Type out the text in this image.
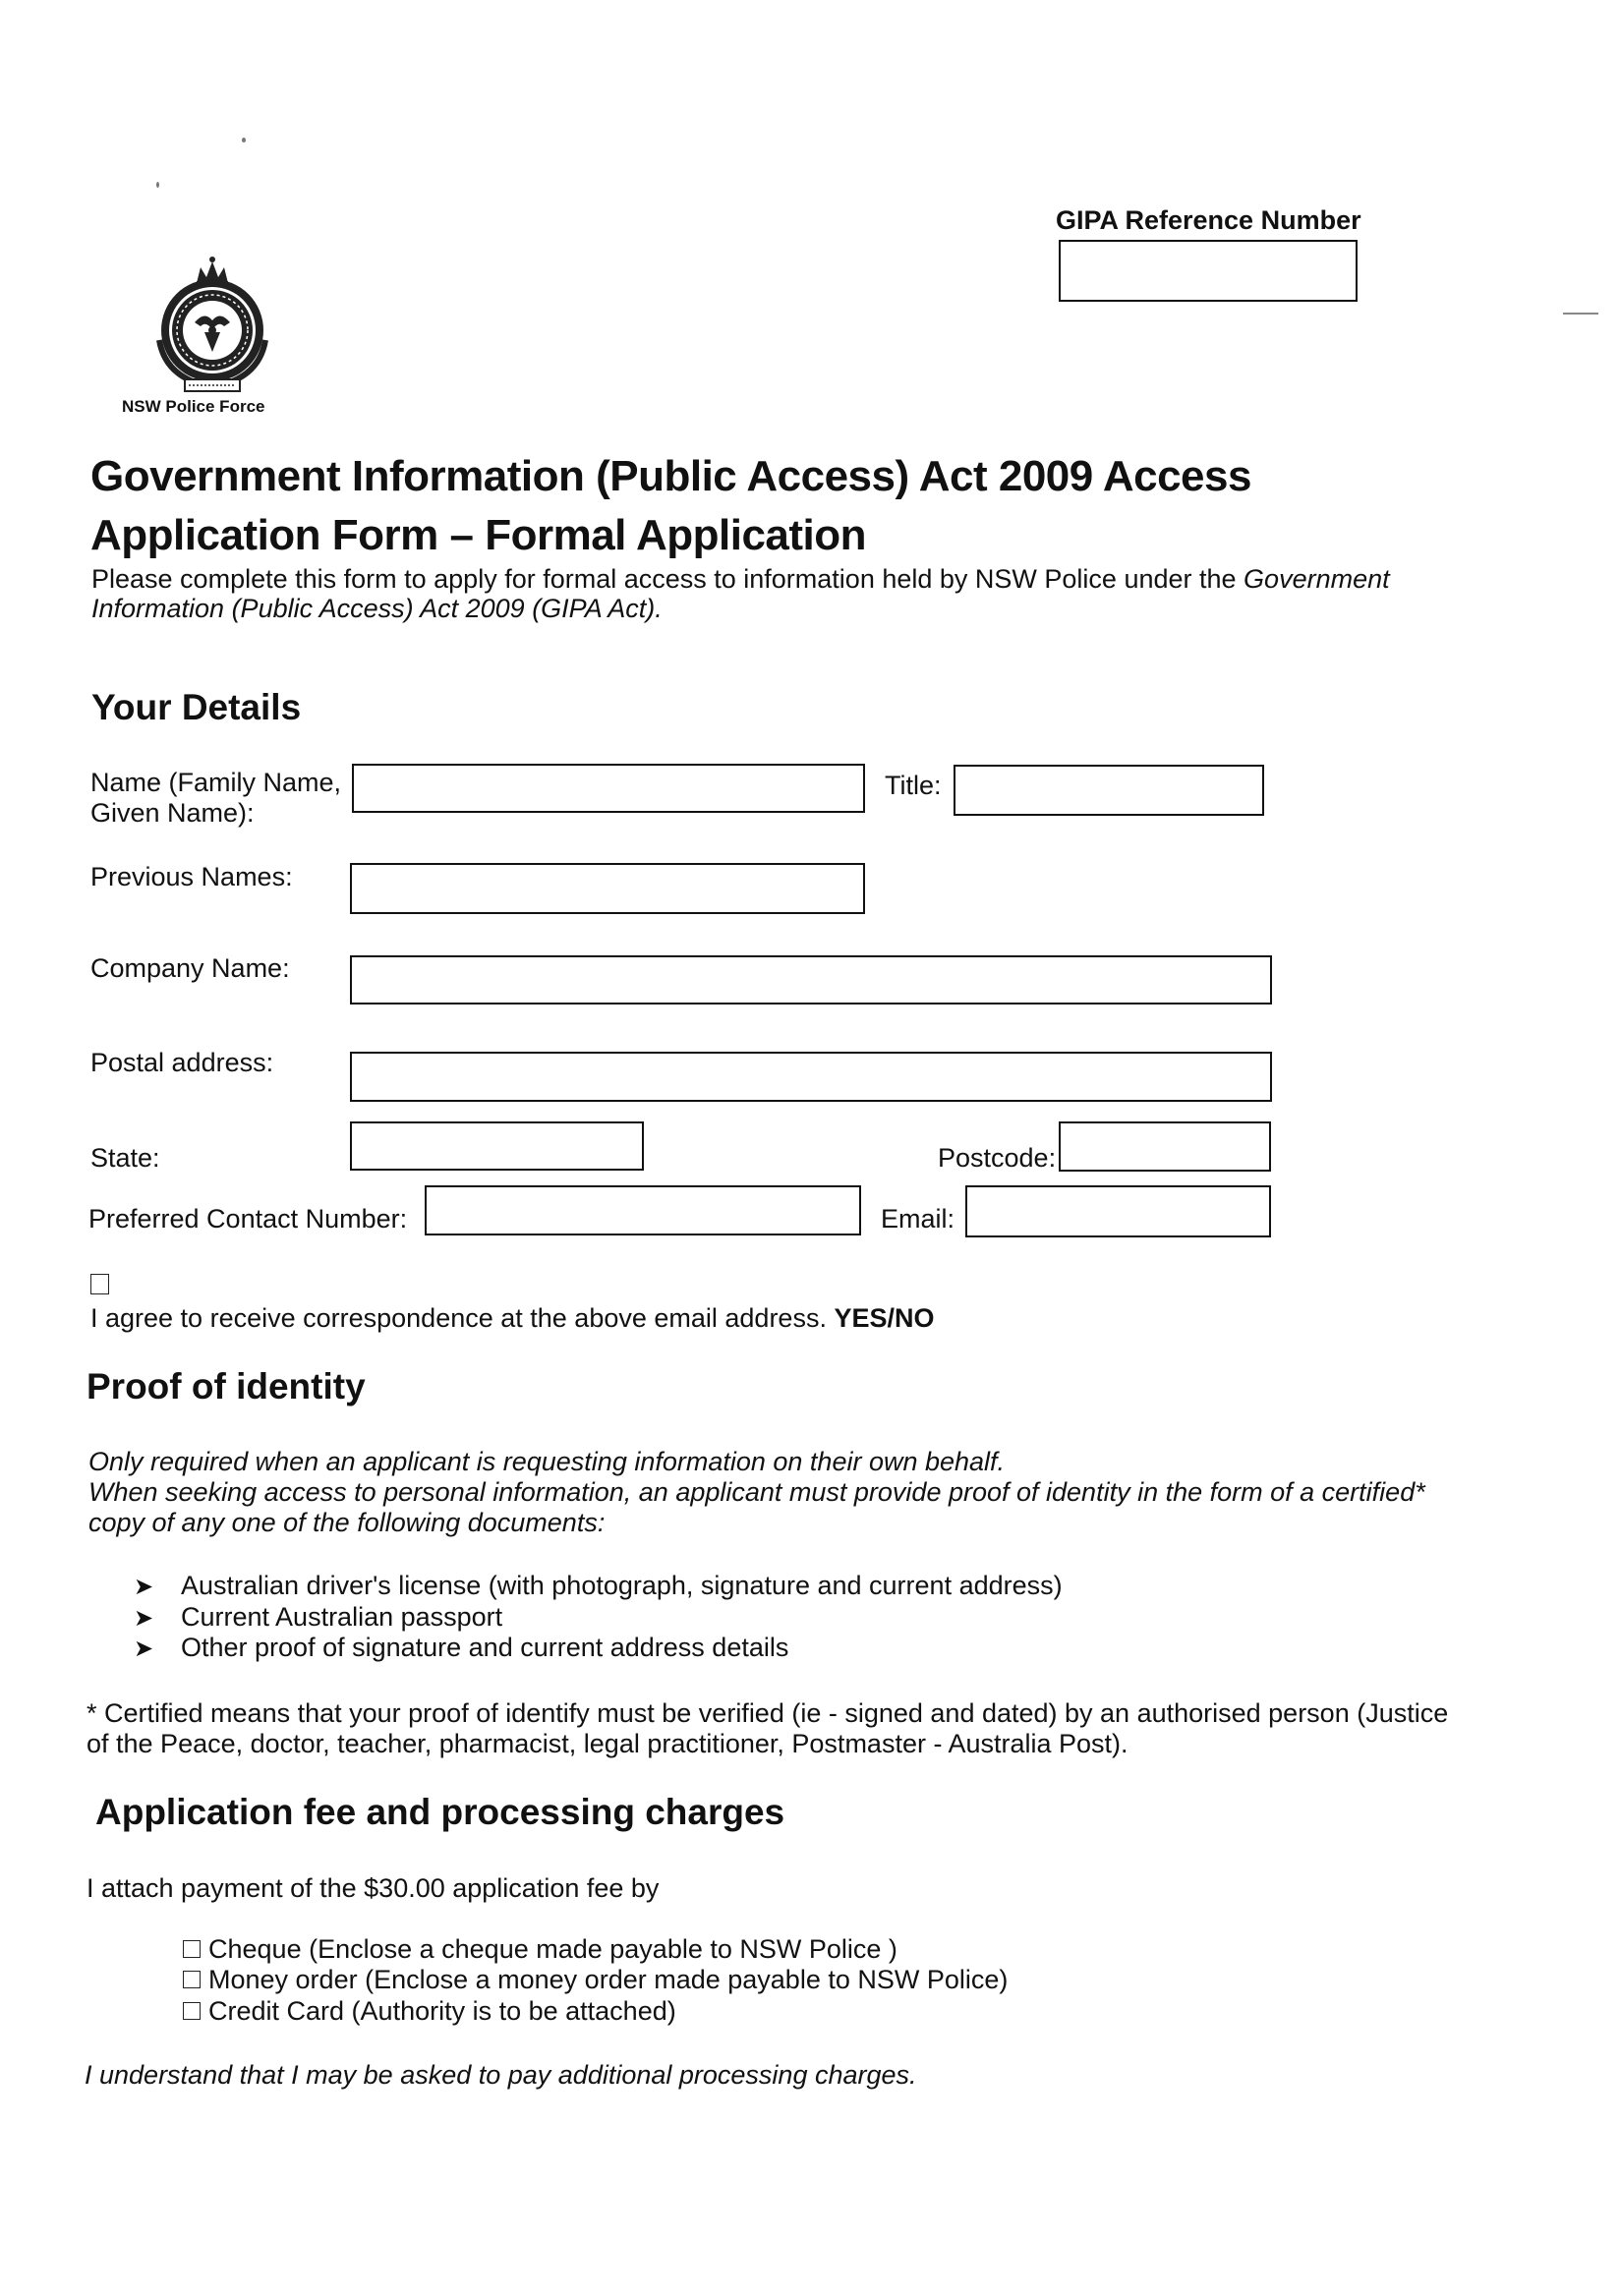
GIPA Reference Number
NSW Police Force
Government Information (Public Access) Act 2009 Access
Application Form – Formal Application
Please complete this form to apply for formal access to information held by NSW Police under the Government
Information (Public Access) Act 2009 (GIPA Act).
Your Details
Name (Family Name,
Given Name):
Title:
Previous Names:
Company Name:
Postal address:
State:	Postcode:
Preferred Contact Number:	Email:
I agree to receive correspondence at the above email address. YES/NO
Proof of identity
Only required when an applicant is requesting information on their own behalf.
When seeking access to personal information, an applicant must provide proof of identity in the form of a certified*
copy of any one of the following documents:
➤ Australian driver's license (with photograph, signature and current address)
➤ Current Australian passport
➤ Other proof of signature and current address details
* Certified means that your proof of identify must be verified (ie - signed and dated) by an authorised person (Justice
of the Peace, doctor, teacher, pharmacist, legal practitioner, Postmaster - Australia Post).
Application fee and processing charges
I attach payment of the $30.00 application fee by
Cheque (Enclose a cheque made payable to NSW Police )
Money order (Enclose a money order made payable to NSW Police)
Credit Card (Authority is to be attached)
I understand that I may be asked to pay additional processing charges.
